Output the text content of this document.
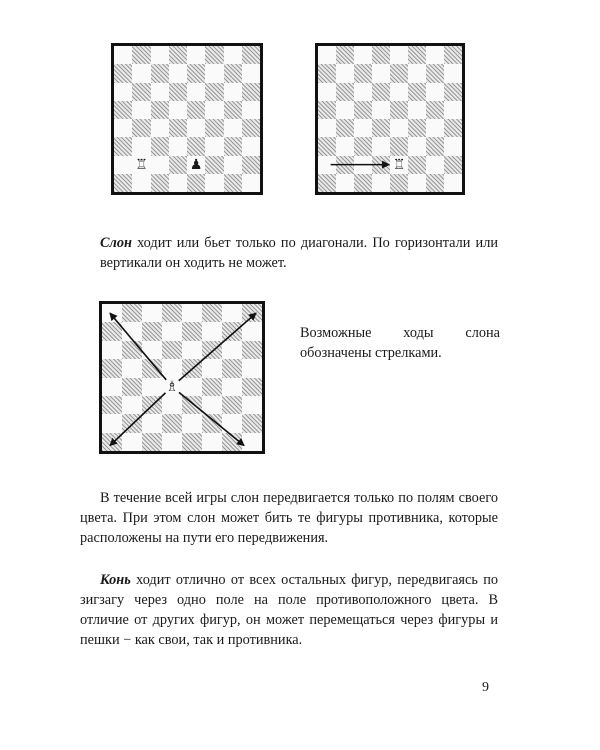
♖	♟	♖

Слон ходит или бьет только по диагонали. По горизонтали или вертикали он ходить не может.

♗

Возможные ходы слона обозначены стрелками.

В течение всей игры слон передвигается только по полям своего цвета. При этом слон может бить те фигуры противника, которые расположены на пути его передвижения.

Конь ходит отлично от всех остальных фигур, передвигаясь по зигзагу через одно поле на поле противоположного цвета. В отличие от других фигур, он может перемещаться через фигуры и пешки − как свои, так и противника.

9
